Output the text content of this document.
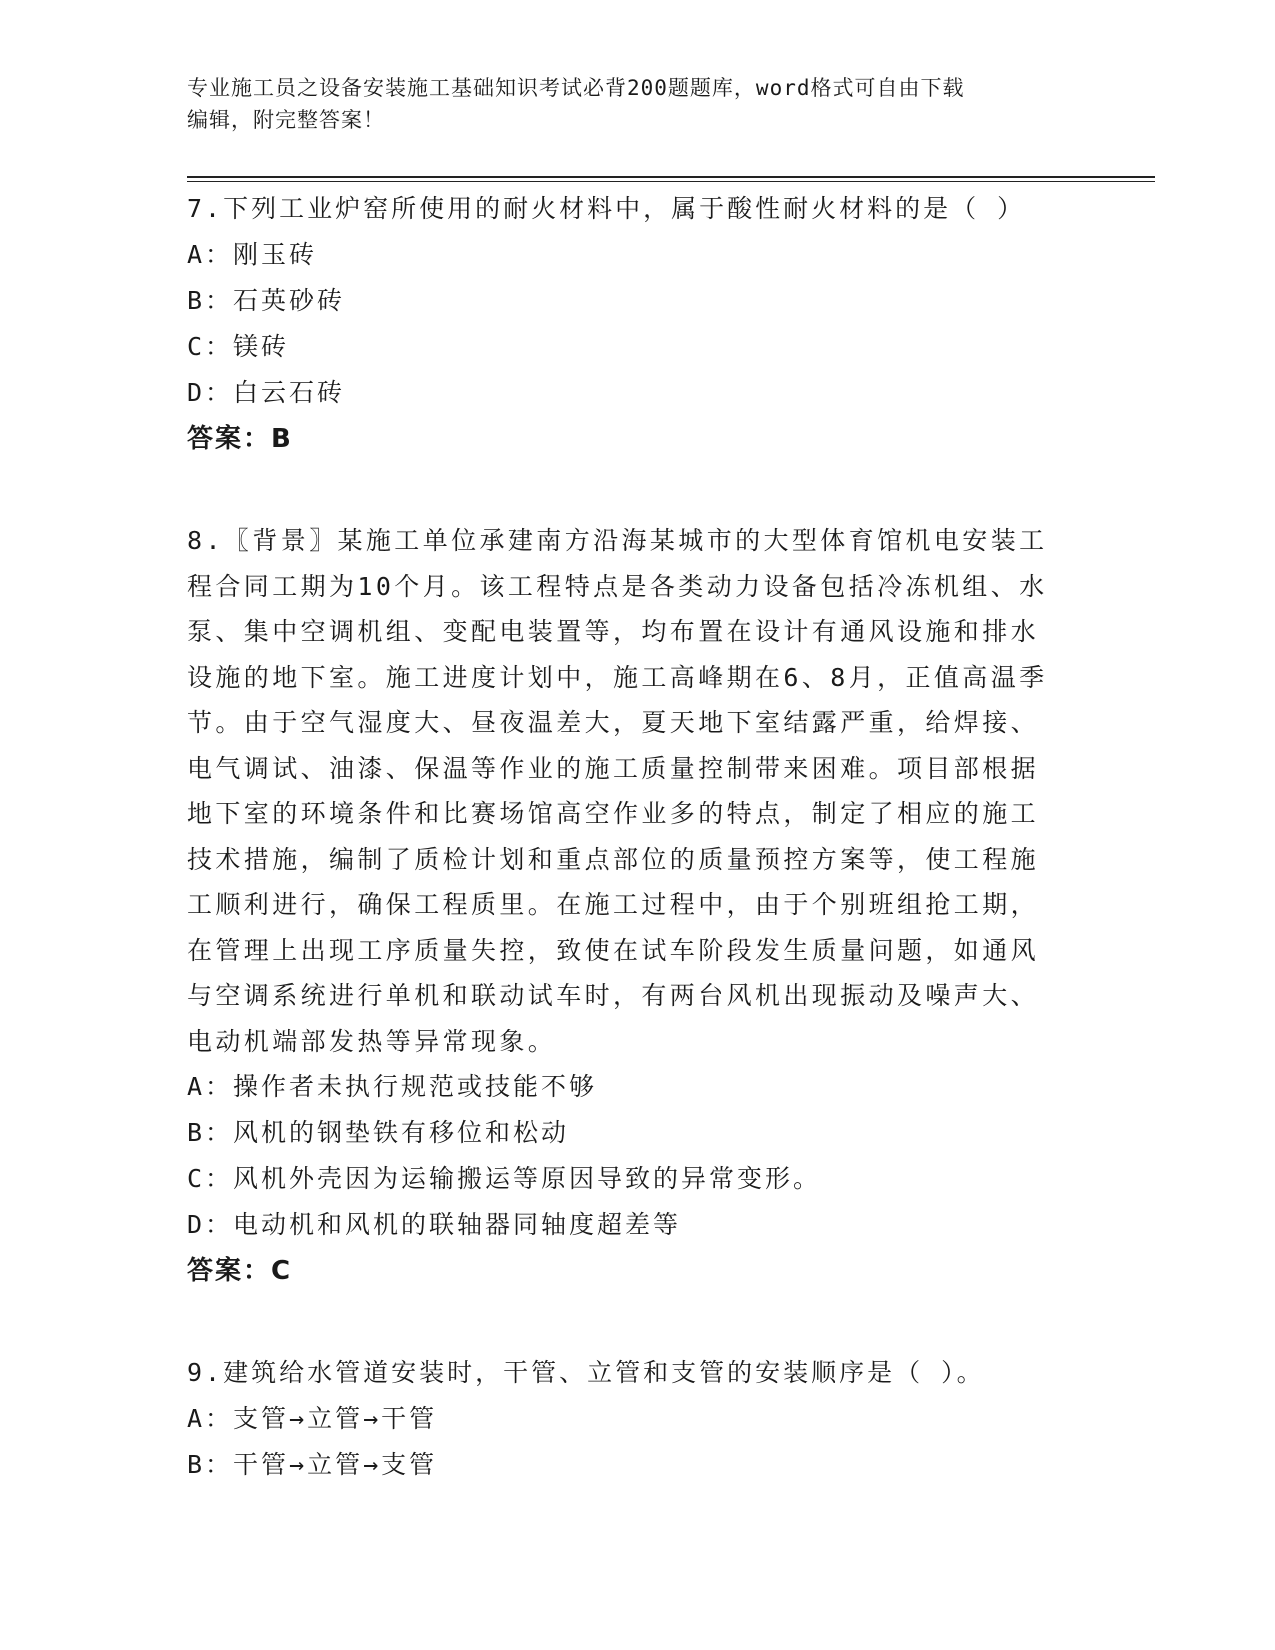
专业施工员之设备安装施工基础知识考试必背200题题库，word格式可自由下载
编辑，附完整答案！
7.下列工业炉窑所使用的耐火材料中，属于酸性耐火材料的是（ ）
A：刚玉砖
B：石英砂砖
C：镁砖
D：白云石砖
答案：B
8.〖背景〗某施工单位承建南方沿海某城市的大型体育馆机电安装工
程合同工期为10个月。该工程特点是各类动力设备包括冷冻机组、水
泵、集中空调机组、变配电装置等，均布置在设计有通风设施和排水
设施的地下室。施工进度计划中，施工高峰期在6、8月，正值高温季
节。由于空气湿度大、昼夜温差大，夏天地下室结露严重，给焊接、
电气调试、油漆、保温等作业的施工质量控制带来困难。项目部根据
地下室的环境条件和比赛场馆高空作业多的特点，制定了相应的施工
技术措施，编制了质检计划和重点部位的质量预控方案等，使工程施
工顺利进行，确保工程质里。在施工过程中，由于个别班组抢工期，
在管理上出现工序质量失控，致使在试车阶段发生质量问题，如通风
与空调系统进行单机和联动试车时，有两台风机出现振动及噪声大、
电动机端部发热等异常现象。
A：操作者未执行规范或技能不够
B：风机的钢垫铁有移位和松动
C：风机外壳因为运输搬运等原因导致的异常变形。
D：电动机和风机的联轴器同轴度超差等
答案：C
9.建筑给水管道安装时，干管、立管和支管的安装顺序是（ ）。
A：支管→立管→干管
B：干管→立管→支管
